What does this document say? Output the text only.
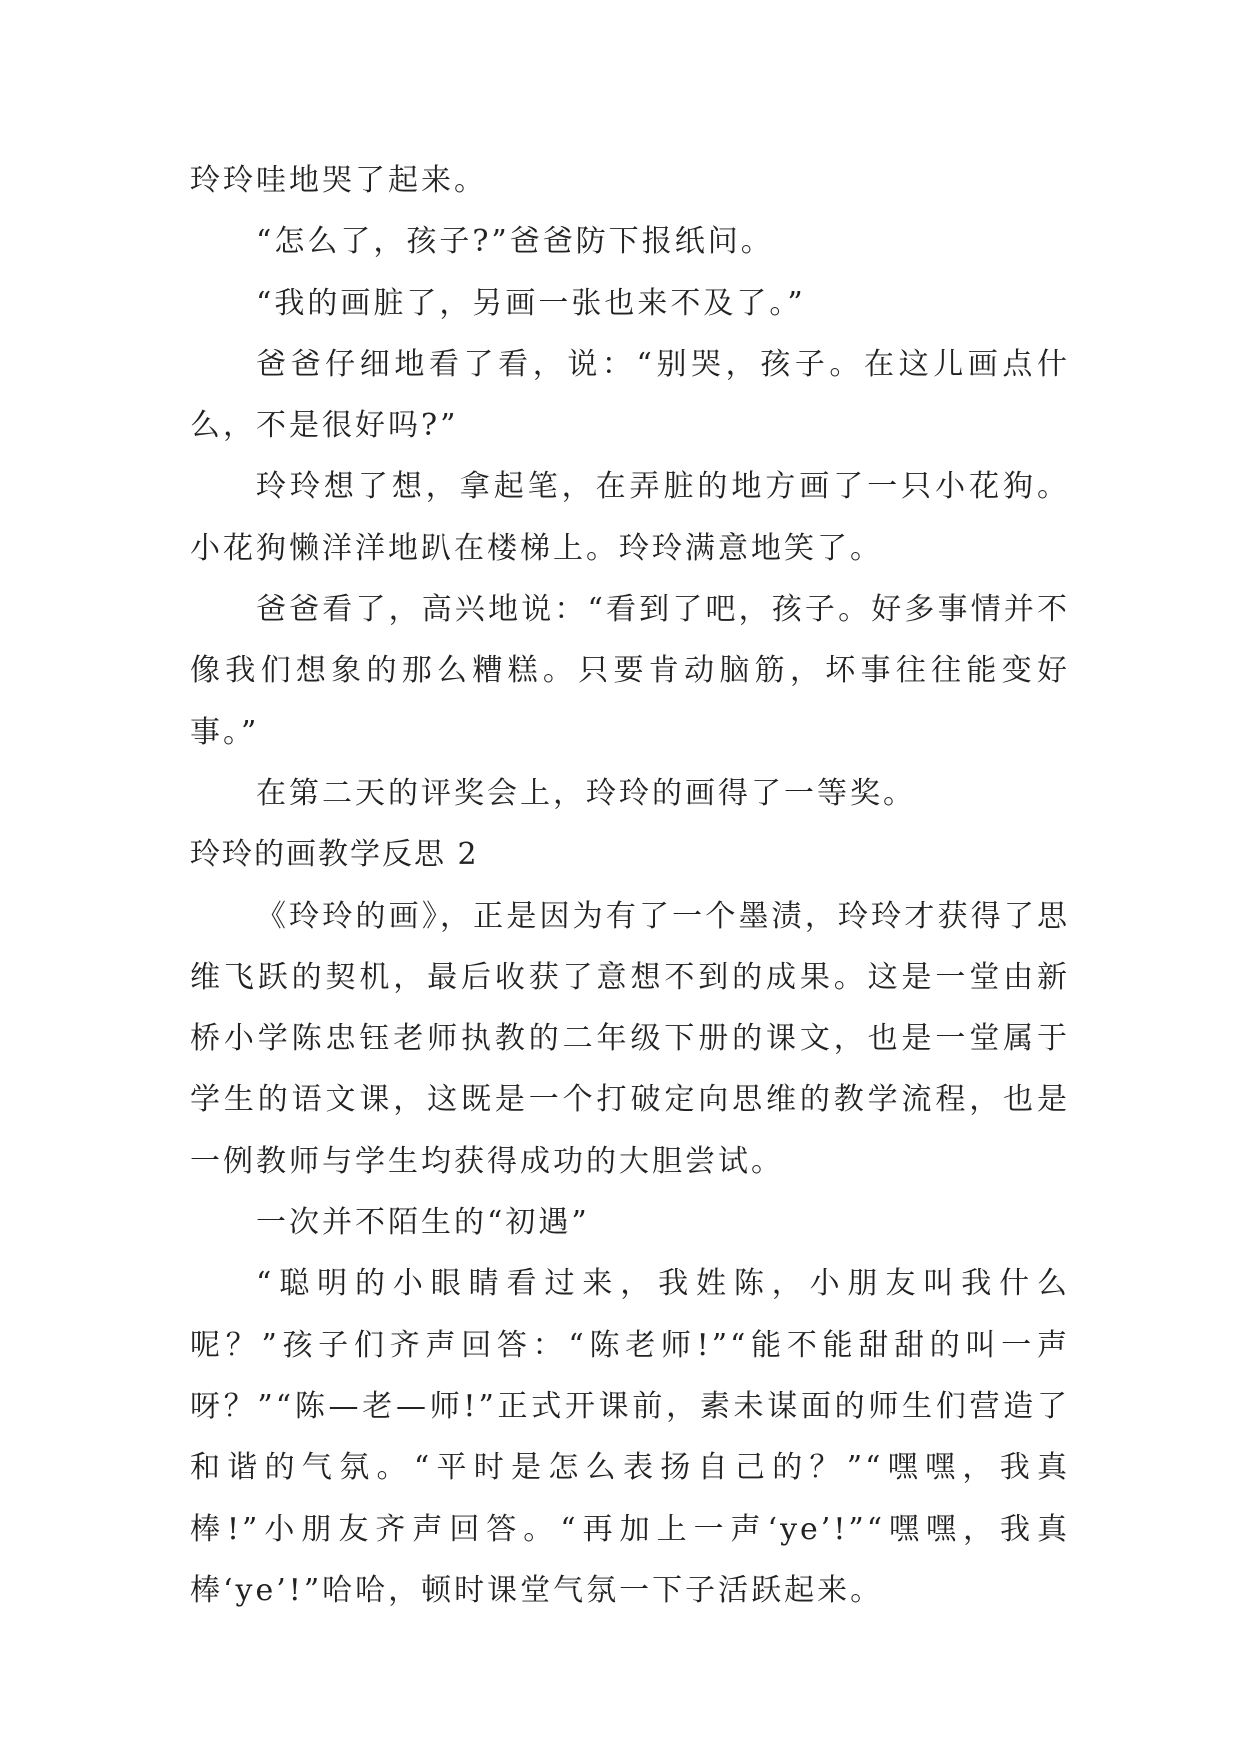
玲玲哇地哭了起来。

“怎么了，孩子?”爸爸防下报纸问。

“我的画脏了，另画一张也来不及了。”

爸爸仔细地看了看，说：“别哭，孩子。在这儿画点什么，不是很好吗?”

玲玲想了想，拿起笔，在弄脏的地方画了一只小花狗。小花狗懒洋洋地趴在楼梯上。玲玲满意地笑了。

爸爸看了，高兴地说：“看到了吧，孩子。好多事情并不像我们想象的那么糟糕。只要肯动脑筋，坏事往往能变好事。”

在第二天的评奖会上，玲玲的画得了一等奖。

玲玲的画教学反思 2

《玲玲的画》，正是因为有了一个墨渍，玲玲才获得了思维飞跃的契机，最后收获了意想不到的成果。这是一堂由新桥小学陈忠钰老师执教的二年级下册的课文，也是一堂属于学生的语文课，这既是一个打破定向思维的教学流程，也是一例教师与学生均获得成功的大胆尝试。

一次并不陌生的“初遇”

“聪明的小眼睛看过来，我姓陈，小朋友叫我什么呢？”孩子们齐声回答：“陈老师!”“能不能甜甜的叫一声呀？”“陈—老—师!”正式开课前，素未谋面的师生们营造了和谐的气氛。“平时是怎么表扬自己的？”“嘿嘿，我真棒!”小朋友齐声回答。“再加上一声‘ye’!”“嘿嘿，我真棒‘ye’!”哈哈，顿时课堂气氛一下子活跃起来。
